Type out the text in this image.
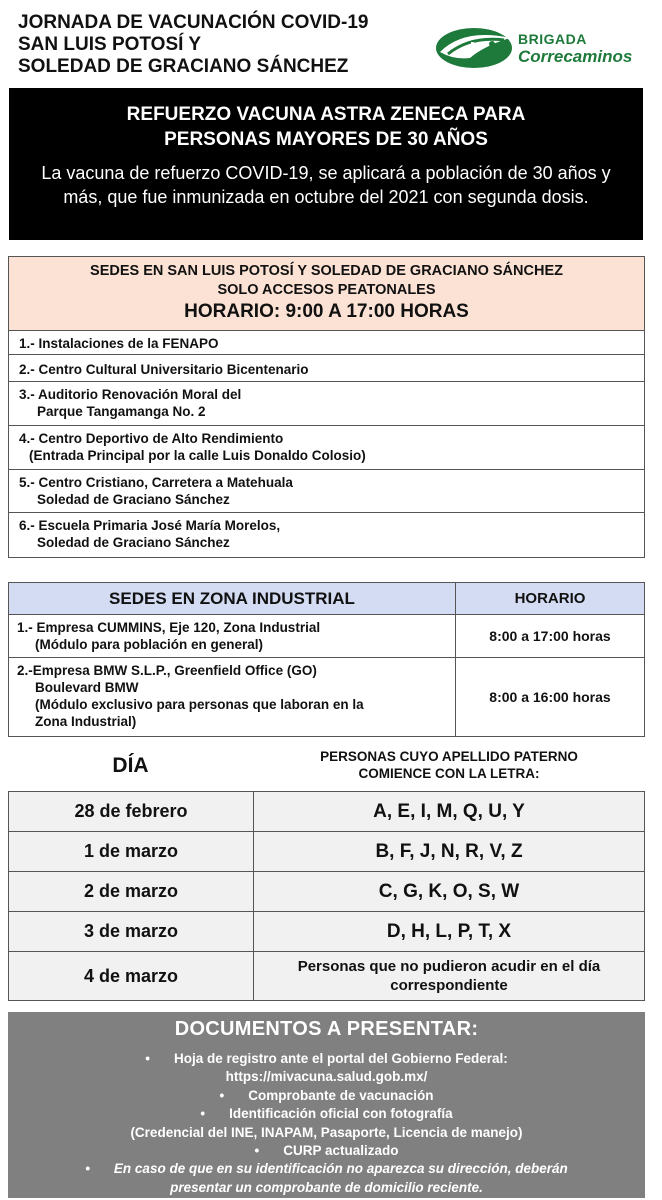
JORNADA DE VACUNACIÓN COVID-19
SAN LUIS POTOSÍ Y
SOLEDAD DE GRACIANO SÁNCHEZ
BRIGADA
Correcaminos
REFUERZO VACUNA ASTRA ZENECA PARA
PERSONAS MAYORES DE 30 AÑOS
La vacuna de refuerzo COVID-19, se aplicará a población de 30 años y más, que fue inmunizada en octubre del 2021 con segunda dosis.
SEDES EN SAN LUIS POTOSÍ Y SOLEDAD DE GRACIANO SÁNCHEZ
SOLO ACCESOS PEATONALES
HORARIO: 9:00 A 17:00 HORAS
1.- Instalaciones de la FENAPO
2.- Centro Cultural Universitario Bicentenario
3.- Auditorio Renovación Moral del
Parque Tangamanga No. 2
4.- Centro Deportivo de Alto Rendimiento
(Entrada Principal por la calle Luis Donaldo Colosio)
5.- Centro Cristiano, Carretera a Matehuala
Soledad de Graciano Sánchez
6.- Escuela Primaria José María Morelos,
Soledad de Graciano Sánchez
SEDES EN ZONA INDUSTRIAL	HORARIO
1.- Empresa CUMMINS, Eje 120, Zona Industrial
(Módulo para población en general)
8:00 a 17:00 horas
2.-Empresa BMW S.L.P., Greenfield Office (GO)
Boulevard BMW
(Módulo exclusivo para personas que laboran en la
Zona Industrial)
8:00 a 16:00 horas
DÍA	PERSONAS CUYO APELLIDO PATERNO
COMIENCE CON LA LETRA:
28 de febrero	A, E, I, M, Q, U, Y
1 de marzo	B, F, J, N, R, V, Z
2 de marzo	C, G, K, O, S, W
3 de marzo	D, H, L, P, T, X
4 de marzo	Personas que no pudieron acudir en el día correspondiente
DOCUMENTOS A PRESENTAR:
• Hoja de registro ante el portal del Gobierno Federal:
https://mivacuna.salud.gob.mx/
• Comprobante de vacunación
• Identificación oficial con fotografía
(Credencial del INE, INAPAM, Pasaporte, Licencia de manejo)
• CURP actualizado
• En caso de que en su identificación no aparezca su dirección, deberán
presentar un comprobante de domicilio reciente.
